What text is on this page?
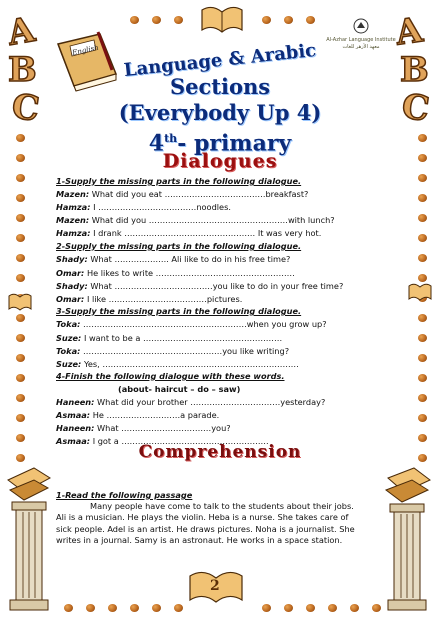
A
B
C
A
B
C
English
2
Al-Azhar Language Institute
معهد الأزهر للغات
Language & Arabic
Sections
(Everybody Up 4)
4th- primary
Dialogues
1-Supply the missing parts in the following dialogue.
Mazen: What did you eat ……………………………….breakfast?
Hamza: I ………………………………noodles.
Mazen: What did you ……………………………………………with lunch?
Hamza: I drank ………………………………………… It was very hot.
2-Supply the missing parts in the following dialogue.
Shady: What ……………….. Ali like to do in his free time?
Omar: He likes to write ……………………………………………
Shady: What ………………………………you like to do in your free time?
Omar: I like ………………………………pictures.
3-Supply the missing parts in the following dialogue.
Toka: ……………………………………………………when you grow up?
Suze: I want to be a ……………………………………………
Toka: ……………………………………………you like writing?
Suze: Yes, ………………………………………………………………
4-Finish the following dialogue with these words.
(about- haircut – do – saw)
Haneen: What did your brother ……………………………yesterday?
Asmaa: He ………………………a parade.
Haneen: What ……………………………you?
Asmaa: I got a ………………………………………………
Comprehension
1-Read the following passage
Many people have come to talk to the students about their jobs. Ali is a musician. He plays the violin. Heba is a nurse. She takes care of sick people. Adel is an artist. He draws pictures. Noha is a journalist. She writes in a journal. Samy is an astronaut. He works in a space station.
